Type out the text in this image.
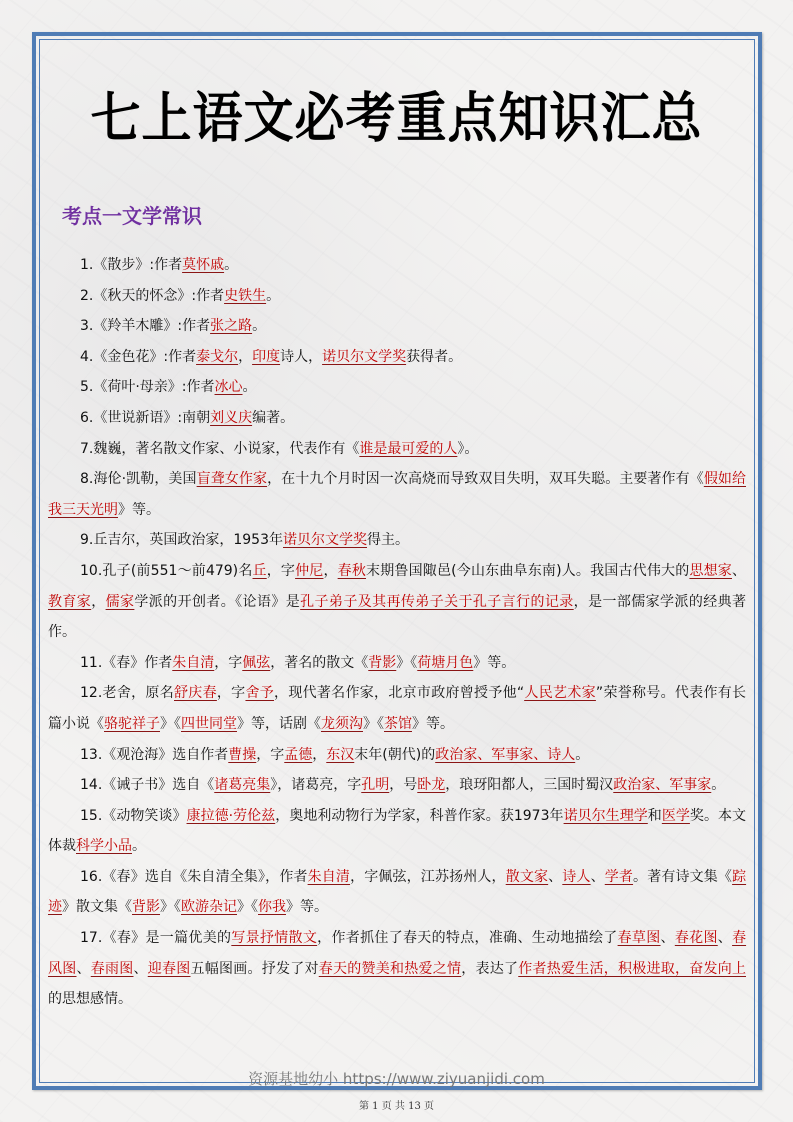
七上语文必考重点知识汇总
考点一文学常识

1.《散步》:作者莫怀戚。

2.《秋天的怀念》:作者史铁生。

3.《羚羊木雕》:作者张之路。

4.《金色花》:作者泰戈尔，印度诗人，诺贝尔文学奖获得者。

5.《荷叶·母亲》:作者冰心。

6.《世说新语》:南朝刘义庆编著。

7.魏巍，著名散文作家、小说家，代表作有《谁是最可爱的人》。

8.海伦·凯勒，美国盲聋女作家，在十九个月时因一次高烧而导致双目失明，双耳失聪。主要著作有《假如给我三天光明》等。

9.丘吉尔，英国政治家，1953年诺贝尔文学奖得主。

10.孔子(前551～前479)名丘，字仲尼，春秋末期鲁国陬邑(今山东曲阜东南)人。我国古代伟大的思想家、教育家，儒家学派的开创者。《论语》是孔子弟子及其再传弟子关于孔子言行的记录，是一部儒家学派的经典著作。

11.《春》作者朱自清，字佩弦，著名的散文《背影》《荷塘月色》等。

12.老舍，原名舒庆春，字舍予，现代著名作家，北京市政府曾授予他“人民艺术家”荣誉称号。代表作有长篇小说《骆驼祥子》《四世同堂》等，话剧《龙须沟》《茶馆》等。

13.《观沧海》选自作者曹操，字孟德，东汉末年(朝代)的政治家、军事家、诗人。

14.《诫子书》选自《诸葛亮集》，诸葛亮，字孔明，号卧龙，琅玡阳都人，三国时蜀汉政治家、军事家。

15.《动物笑谈》康拉德·劳伦兹，奥地利动物行为学家，科普作家。获1973年诺贝尔生理学和医学奖。本文体裁科学小品。

16.《春》选自《朱自清全集》，作者朱自清，字佩弦，江苏扬州人，散文家、诗人、学者。著有诗文集《踪迹》散文集《背影》《欧游杂记》《你我》等。

17.《春》是一篇优美的写景抒情散文，作者抓住了春天的特点，准确、生动地描绘了春草图、春花图、春风图、春雨图、迎春图五幅图画。抒发了对春天的赞美和热爱之情，表达了作者热爱生活，积极进取，奋发向上的思想感情。

资源基地幼小 https://www.ziyuanjidi.com
第 1 页 共 13 页
